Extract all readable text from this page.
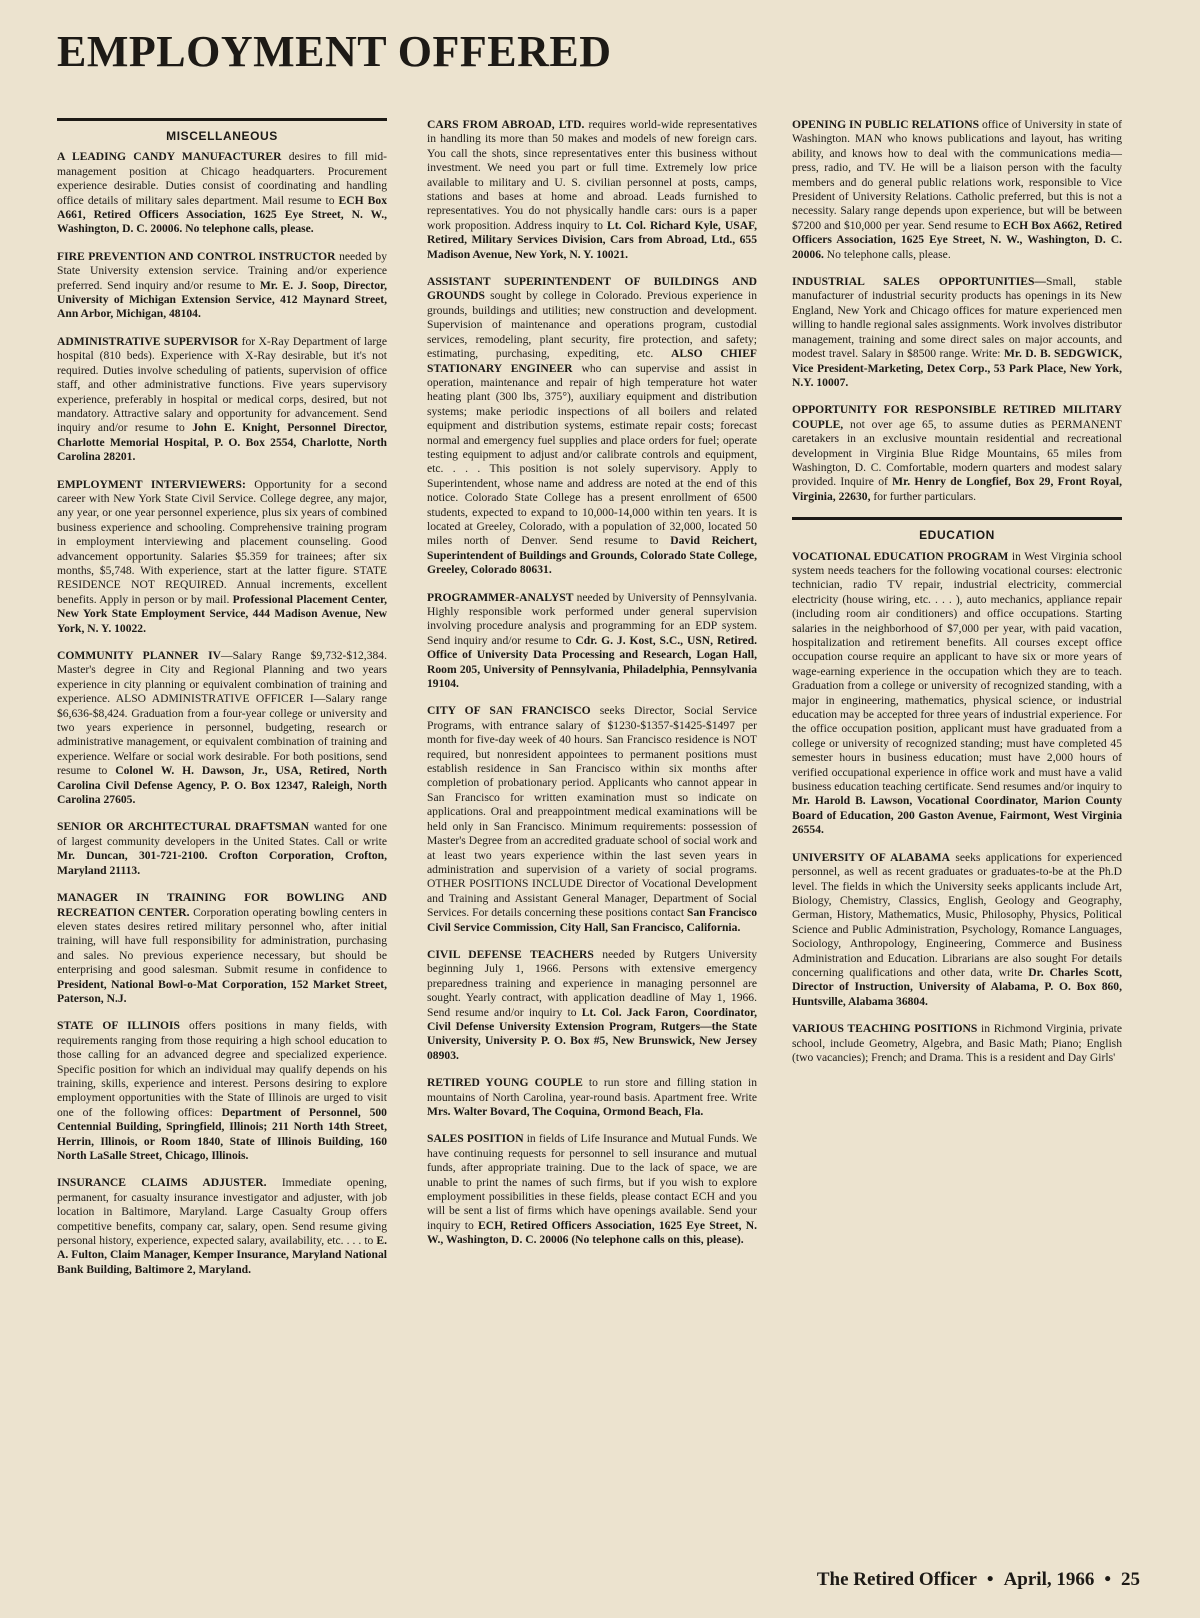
EMPLOYMENT OFFERED
MISCELLANEOUS

A LEADING CANDY MANUFACTURER desires to fill mid-management position at Chicago headquarters. Procurement experience desirable. Duties consist of coordinating and handling office details of military sales department. Mail resume to ECH Box A661, Retired Officers Association, 1625 Eye Street, N. W., Washington, D. C. 20006. No telephone calls, please.

FIRE PREVENTION AND CONTROL INSTRUCTOR needed by State University extension service. Training and/or experience preferred. Send inquiry and/or resume to Mr. E. J. Soop, Director, University of Michigan Extension Service, 412 Maynard Street, Ann Arbor, Michigan, 48104.

ADMINISTRATIVE SUPERVISOR for X-Ray Department of large hospital (810 beds). Experience with X-Ray desirable, but it's not required. Duties involve scheduling of patients, supervision of office staff, and other administrative functions. Five years supervisory experience, preferably in hospital or medical corps, desired, but not mandatory. Attractive salary and opportunity for advancement. Send inquiry and/or resume to John E. Knight, Personnel Director, Charlotte Memorial Hospital, P. O. Box 2554, Charlotte, North Carolina 28201.

EMPLOYMENT INTERVIEWERS: Opportunity for a second career with New York State Civil Service. College degree, any major, any year, or one year personnel experience, plus six years of combined business experience and schooling. Comprehensive training program in employment interviewing and placement counseling. Good advancement opportunity. Salaries $5.359 for trainees; after six months, $5,748. With experience, start at the latter figure. STATE RESIDENCE NOT REQUIRED. Annual increments, excellent benefits. Apply in person or by mail. Professional Placement Center, New York State Employment Service, 444 Madison Avenue, New York, N. Y. 10022.

COMMUNITY PLANNER IV—Salary Range $9,732-$12,384. Master's degree in City and Regional Planning and two years experience in city planning or equivalent combination of training and experience. ALSO ADMINISTRATIVE OFFICER I—Salary range $6,636-$8,424. Graduation from a four-year college or university and two years experience in personnel, budgeting, research or administrative management, or equivalent combination of training and experience. Welfare or social work desirable. For both positions, send resume to Colonel W. H. Dawson, Jr., USA, Retired, North Carolina Civil Defense Agency, P. O. Box 12347, Raleigh, North Carolina 27605.

SENIOR OR ARCHITECTURAL DRAFTSMAN wanted for one of largest community developers in the United States. Call or write Mr. Duncan, 301-721-2100. Crofton Corporation, Crofton, Maryland 21113.

MANAGER IN TRAINING FOR BOWLING AND RECREATION CENTER. Corporation operating bowling centers in eleven states desires retired military personnel who, after initial training, will have full responsibility for administration, purchasing and sales. No previous experience necessary, but should be enterprising and good salesman. Submit resume in confidence to President, National Bowl-o-Mat Corporation, 152 Market Street, Paterson, N.J.

STATE OF ILLINOIS offers positions in many fields, with requirements ranging from those requiring a high school education to those calling for an advanced degree and specialized experience. Specific position for which an individual may qualify depends on his training, skills, experience and interest. Persons desiring to explore employment opportunities with the State of Illinois are urged to visit one of the following offices: Department of Personnel, 500 Centennial Building, Springfield, Illinois; 211 North 14th Street, Herrin, Illinois, or Room 1840, State of Illinois Building, 160 North LaSalle Street, Chicago, Illinois.

INSURANCE CLAIMS ADJUSTER. Immediate opening, permanent, for casualty insurance investigator and adjuster, with job location in Baltimore, Maryland. Large Casualty Group offers competitive benefits, company car, salary, open. Send resume giving personal history, experience, expected salary, availability, etc. . . . to E. A. Fulton, Claim Manager, Kemper Insurance, Maryland National Bank Building, Baltimore 2, Maryland.

CARS FROM ABROAD, LTD. requires world-wide representatives in handling its more than 50 makes and models of new foreign cars. You call the shots, since representatives enter this business without investment. We need you part or full time. Extremely low price available to military and U. S. civilian personnel at posts, camps, stations and bases at home and abroad. Leads furnished to representatives. You do not physically handle cars: ours is a paper work proposition. Address inquiry to Lt. Col. Richard Kyle, USAF, Retired, Military Services Division, Cars from Abroad, Ltd., 655 Madison Avenue, New York, N. Y. 10021.

ASSISTANT SUPERINTENDENT OF BUILDINGS AND GROUNDS sought by college in Colorado. Previous experience in grounds, buildings and utilities; new construction and development. Supervision of maintenance and operations program, custodial services, remodeling, plant security, fire protection, and safety; estimating, purchasing, expediting, etc. ALSO CHIEF STATIONARY ENGINEER who can supervise and assist in operation, maintenance and repair of high temperature hot water heating plant (300 lbs, 375°), auxiliary equipment and distribution systems; make periodic inspections of all boilers and related equipment and distribution systems, estimate repair costs; forecast normal and emergency fuel supplies and place orders for fuel; operate testing equipment to adjust and/or calibrate controls and equipment, etc. . . . This position is not solely supervisory. Apply to Superintendent, whose name and address are noted at the end of this notice. Colorado State College has a present enrollment of 6500 students, expected to expand to 10,000-14,000 within ten years. It is located at Greeley, Colorado, with a population of 32,000, located 50 miles north of Denver. Send resume to David Reichert, Superintendent of Buildings and Grounds, Colorado State College, Greeley, Colorado 80631.

PROGRAMMER-ANALYST needed by University of Pennsylvania. Highly responsible work performed under general supervision involving procedure analysis and programming for an EDP system. Send inquiry and/or resume to Cdr. G. J. Kost, S.C., USN, Retired. Office of University Data Processing and Research, Logan Hall, Room 205, University of Pennsylvania, Philadelphia, Pennsylvania 19104.

CITY OF SAN FRANCISCO seeks Director, Social Service Programs, with entrance salary of $1230-$1357-$1425-$1497 per month for five-day week of 40 hours. San Francisco residence is NOT required, but nonresident appointees to permanent positions must establish residence in San Francisco within six months after completion of probationary period. Applicants who cannot appear in San Francisco for written examination must so indicate on applications. Oral and preappointment medical examinations will be held only in San Francisco. Minimum requirements: possession of Master's Degree from an accredited graduate school of social work and at least two years experience within the last seven years in administration and supervision of a variety of social programs. OTHER POSITIONS INCLUDE Director of Vocational Development and Training and Assistant General Manager, Department of Social Services. For details concerning these positions contact San Francisco Civil Service Commission, City Hall, San Francisco, California.

CIVIL DEFENSE TEACHERS needed by Rutgers University beginning July 1, 1966. Persons with extensive emergency preparedness training and experience in managing personnel are sought. Yearly contract, with application deadline of May 1, 1966. Send resume and/or inquiry to Lt. Col. Jack Faron, Coordinator, Civil Defense University Extension Program, Rutgers—the State University, University P. O. Box #5, New Brunswick, New Jersey 08903.

RETIRED YOUNG COUPLE to run store and filling station in mountains of North Carolina, year-round basis. Apartment free. Write Mrs. Walter Bovard, The Coquina, Ormond Beach, Fla.

SALES POSITION in fields of Life Insurance and Mutual Funds. We have continuing requests for personnel to sell insurance and mutual funds, after appropriate training. Due to the lack of space, we are unable to print the names of such firms, but if you wish to explore employment possibilities in these fields, please contact ECH and you will be sent a list of firms which have openings available. Send your inquiry to ECH, Retired Officers Association, 1625 Eye Street, N. W., Washington, D. C. 20006 (No telephone calls on this, please).

OPENING IN PUBLIC RELATIONS office of University in state of Washington. MAN who knows publications and layout, has writing ability, and knows how to deal with the communications media—press, radio, and TV. He will be a liaison person with the faculty members and do general public relations work, responsible to Vice President of University Relations. Catholic preferred, but this is not a necessity. Salary range depends upon experience, but will be between $7200 and $10,000 per year. Send resume to ECH Box A662, Retired Officers Association, 1625 Eye Street, N. W., Washington, D. C. 20006. No telephone calls, please.

INDUSTRIAL SALES OPPORTUNITIES—Small, stable manufacturer of industrial security products has openings in its New England, New York and Chicago offices for mature experienced men willing to handle regional sales assignments. Work involves distributor management, training and some direct sales on major accounts, and modest travel. Salary in $8500 range. Write: Mr. D. B. SEDGWICK, Vice President-Marketing, Detex Corp., 53 Park Place, New York, N.Y. 10007.

OPPORTUNITY FOR RESPONSIBLE RETIRED MILITARY COUPLE, not over age 65, to assume duties as PERMANENT caretakers in an exclusive mountain residential and recreational development in Virginia Blue Ridge Mountains, 65 miles from Washington, D. C. Comfortable, modern quarters and modest salary provided. Inquire of Mr. Henry de Longfief, Box 29, Front Royal, Virginia, 22630, for further particulars.

EDUCATION

VOCATIONAL EDUCATION PROGRAM in West Virginia school system needs teachers for the following vocational courses: electronic technician, radio TV repair, industrial electricity, commercial electricity (house wiring, etc. . . . ), auto mechanics, appliance repair (including room air conditioners) and office occupations. Starting salaries in the neighborhood of $7,000 per year, with paid vacation, hospitalization and retirement benefits. All courses except office occupation course require an applicant to have six or more years of wage-earning experience in the occupation which they are to teach. Graduation from a college or university of recognized standing, with a major in engineering, mathematics, physical science, or industrial education may be accepted for three years of industrial experience. For the office occupation position, applicant must have graduated from a college or university of recognized standing; must have completed 45 semester hours in business education; must have 2,000 hours of verified occupational experience in office work and must have a valid business education teaching certificate. Send resumes and/or inquiry to Mr. Harold B. Lawson, Vocational Coordinator, Marion County Board of Education, 200 Gaston Avenue, Fairmont, West Virginia 26554.

UNIVERSITY OF ALABAMA seeks applications for experienced personnel, as well as recent graduates or graduates-to-be at the Ph.D level. The fields in which the University seeks applicants include Art, Biology, Chemistry, Classics, English, Geology and Geography, German, History, Mathematics, Music, Philosophy, Physics, Political Science and Public Administration, Psychology, Romance Languages, Sociology, Anthropology, Engineering, Commerce and Business Administration and Education. Librarians are also sought For details concerning qualifications and other data, write Dr. Charles Scott, Director of Instruction, University of Alabama, P. O. Box 860, Huntsville, Alabama 36804.

VARIOUS TEACHING POSITIONS in Richmond Virginia, private school, include Geometry, Algebra, and Basic Math; Piano; English (two vacancies); French; and Drama. This is a resident and Day Girls'

The Retired Officer • April, 1966 • 25
